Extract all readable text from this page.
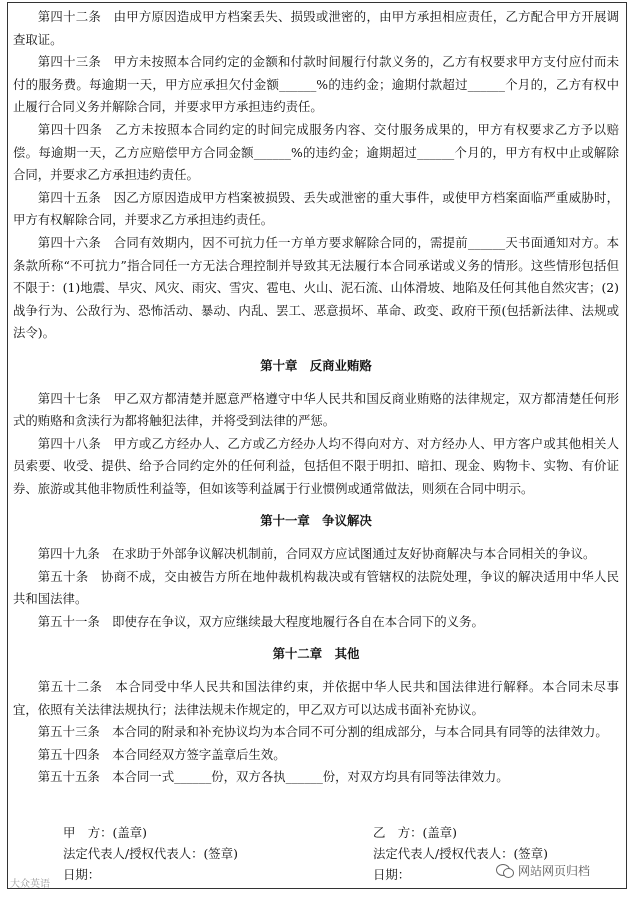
第四十二条　由甲方原因造成甲方档案丢失、损毁或泄密的，由甲方承担相应责任，乙方配合甲方开展调查取证。

第四十三条　甲方未按照本合同约定的金额和付款时间履行付款义务的，乙方有权要求甲方支付应付而未付的服务费。每逾期一天，甲方应承担欠付金额______%的违约金；逾期付款超过______个月的，乙方有权中止履行合同义务并解除合同，并要求甲方承担违约责任。

第四十四条　乙方未按照本合同约定的时间完成服务内容、交付服务成果的，甲方有权要求乙方予以赔偿。每逾期一天，乙方应赔偿甲方合同金额______%的违约金；逾期超过______个月的，甲方有权中止或解除合同，并要求乙方承担违约责任。

第四十五条　因乙方原因造成甲方档案被损毁、丢失或泄密的重大事件，或使甲方档案面临严重威胁时，甲方有权解除合同，并要求乙方承担违约责任。

第四十六条　合同有效期内，因不可抗力任一方单方要求解除合同的，需提前______天书面通知对方。本条款所称“不可抗力”指合同任一方无法合理控制并导致其无法履行本合同承诺或义务的情形。这些情形包括但不限于：(1)地震、旱灾、风灾、雨灾、雪灾、雹电、火山、泥石流、山体滑坡、地陷及任何其他自然灾害；(2)战争行为、公敌行为、恐怖活动、暴动、内乱、罢工、恶意损坏、革命、政变、政府干预(包括新法律、法规或法令)。

第十章　反商业贿赂

第四十七条　甲乙双方都清楚并愿意严格遵守中华人民共和国反商业贿赂的法律规定，双方都清楚任何形式的贿赂和贪渎行为都将触犯法律，并将受到法律的严惩。

第四十八条　甲方或乙方经办人、乙方或乙方经办人均不得向对方、对方经办人、甲方客户或其他相关人员索要、收受、提供、给予合同约定外的任何利益，包括但不限于明扣、暗扣、现金、购物卡、实物、有价证券、旅游或其他非物质性利益等，但如该等利益属于行业惯例或通常做法，则须在合同中明示。

第十一章　争议解决

第四十九条　在求助于外部争议解决机制前，合同双方应试图通过友好协商解决与本合同相关的争议。

第五十条　协商不成，交由被告方所在地仲裁机构裁决或有管辖权的法院处理，争议的解决适用中华人民共和国法律。

第五十一条　即使存在争议，双方应继续最大程度地履行各自在本合同下的义务。

第十二章　其他

第五十二条　本合同受中华人民共和国法律约束，并依据中华人民共和国法律进行解释。本合同未尽事宜，依照有关法律法规执行；法律法规未作规定的，甲乙双方可以达成书面补充协议。

第五十三条　本合同的附录和补充协议均为本合同不可分割的组成部分，与本合同具有同等的法律效力。

第五十四条　本合同经双方签字盖章后生效。

第五十五条　本合同一式______份，双方各执______份，对双方均具有同等法律效力。

甲　方：(盖章)
法定代表人/授权代表人：(签章)
日期：
乙　方：(盖章)
法定代表人/授权代表人：(签章)
日期：
大众英语
网站网页归档
